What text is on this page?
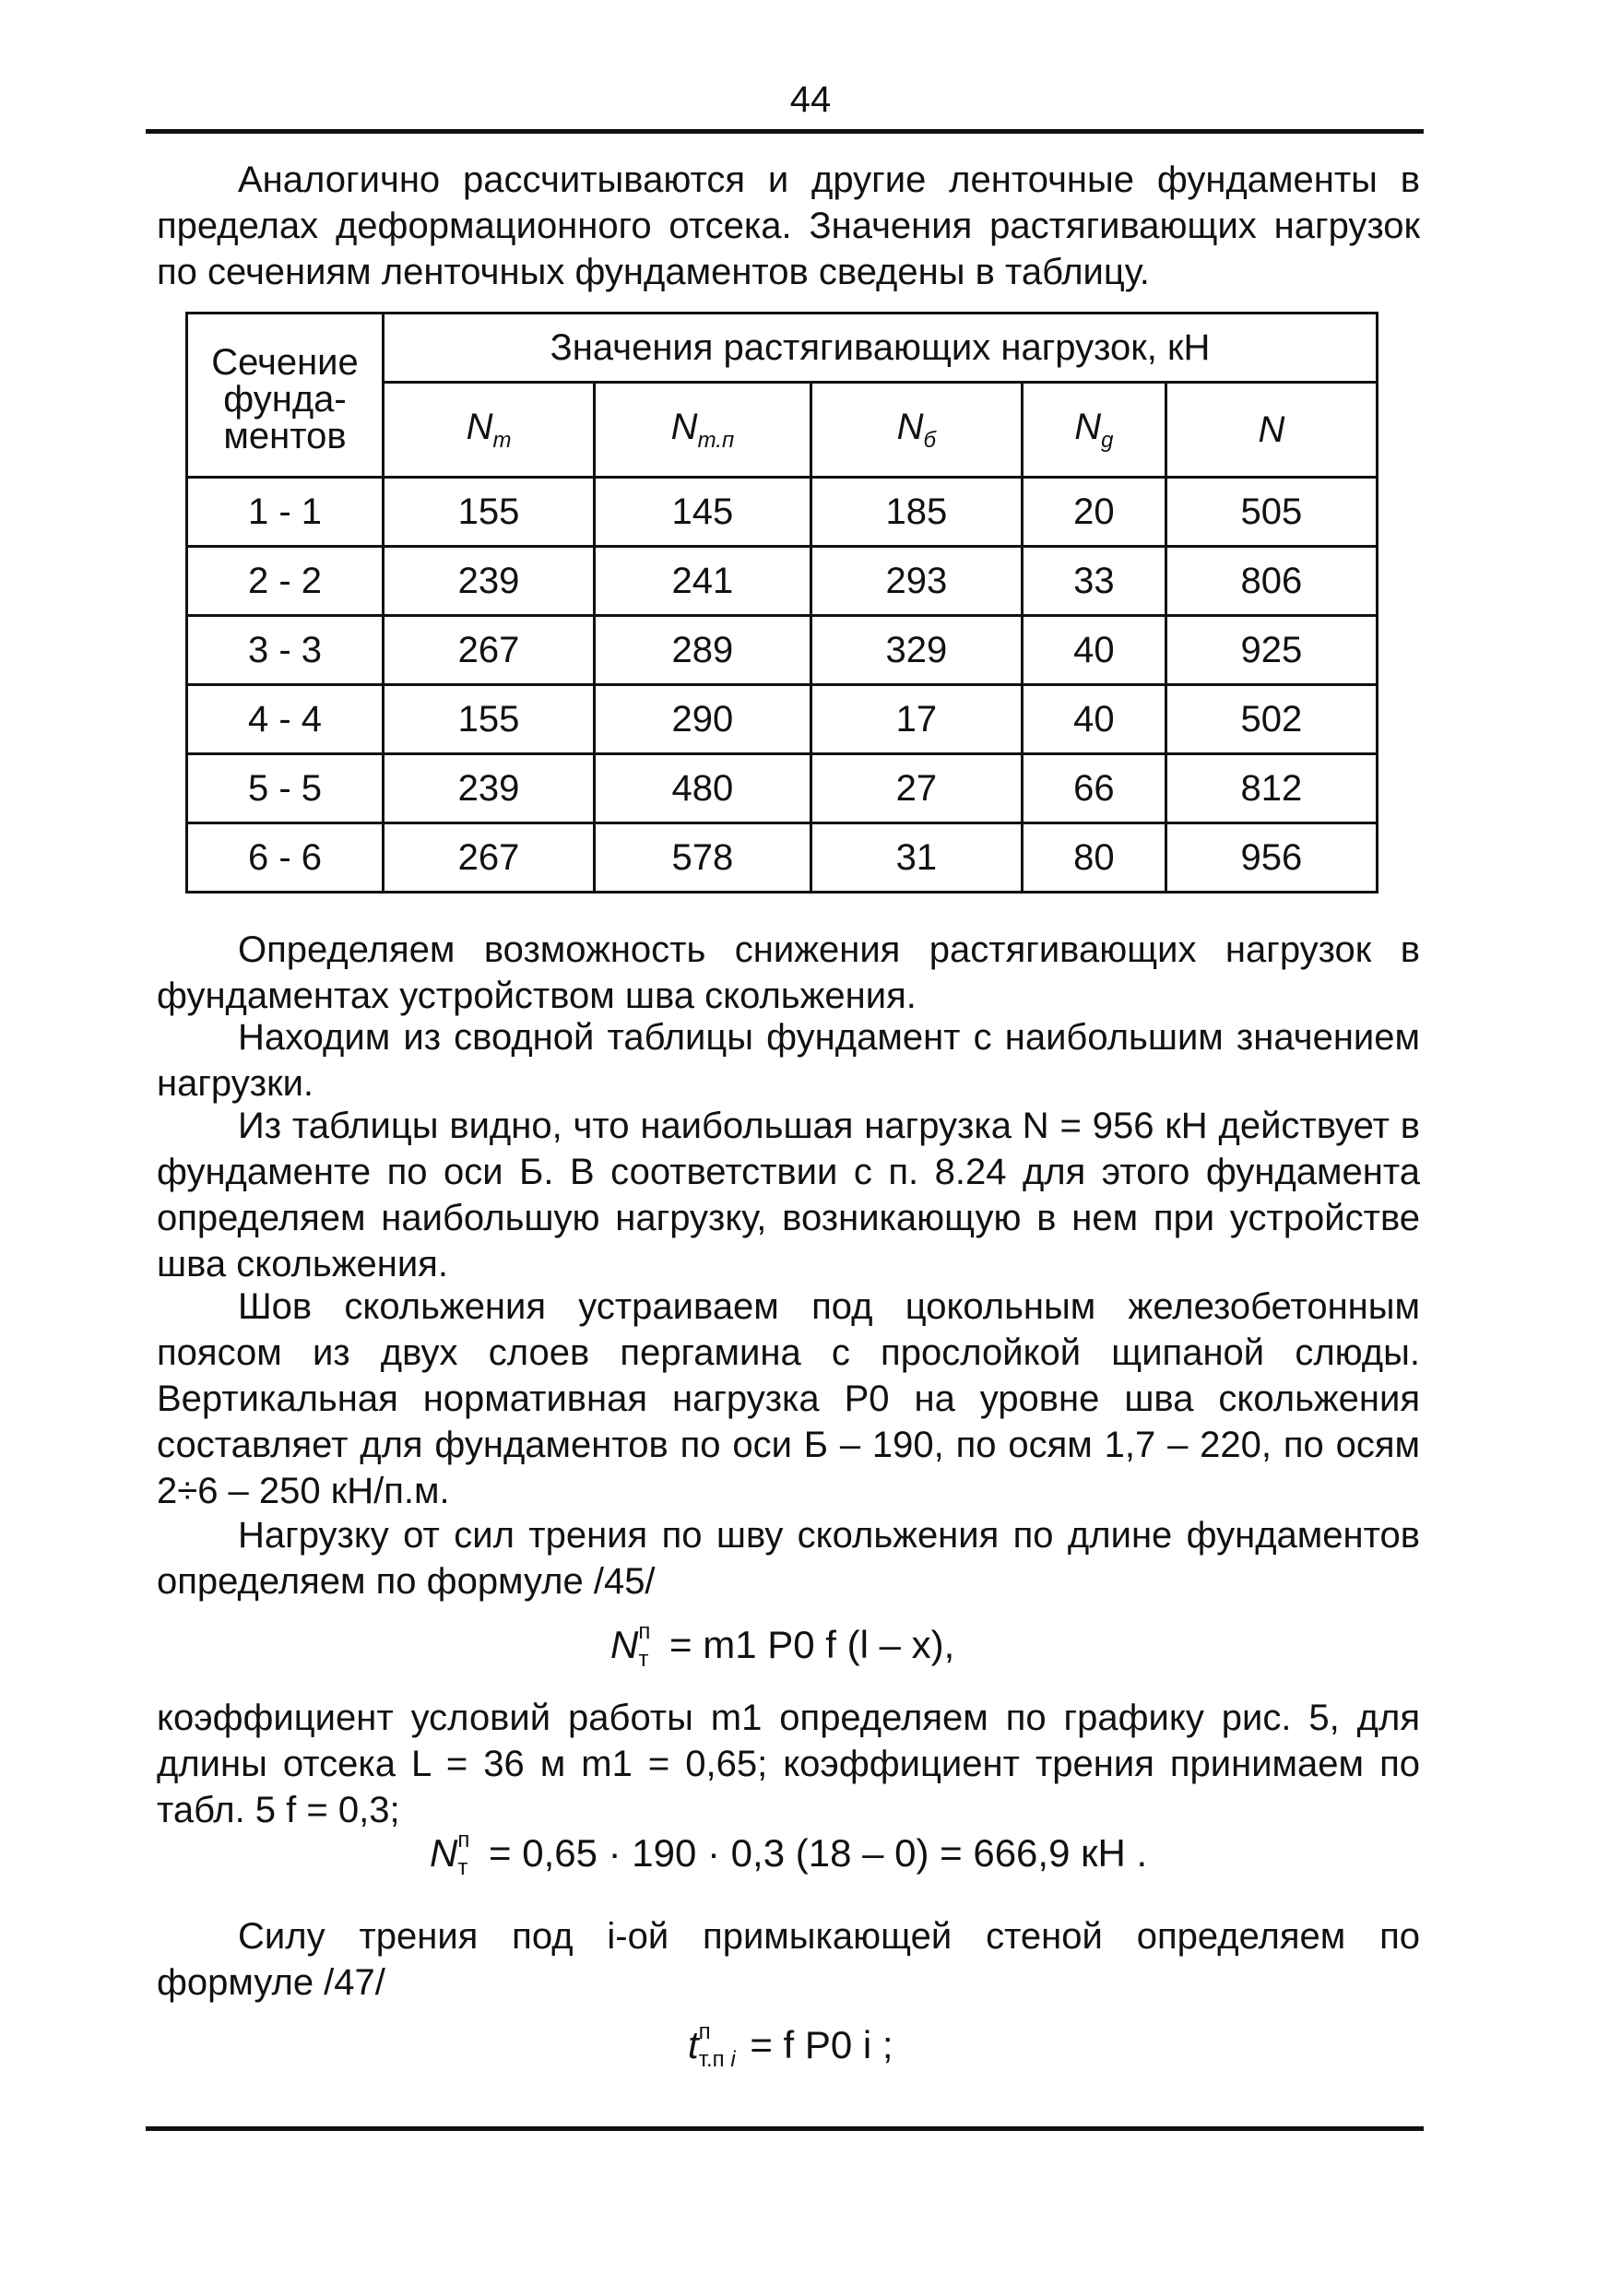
44

Аналогично рассчитываются и другие ленточные фундаменты в пределах деформационного отсека. Значения растягивающих нагрузок по сечениям ленточных фундаментов сведены в таблицу.

Сечение фунда-ментов	Значения растягивающих нагрузок, кН				
	$N_т$	$N_{т.п}$	$N_б$	$N_g$	N
1 - 1	155	145	185	20	505
2 - 2	239	241	293	33	806
3 - 3	267	289	329	40	925
4 - 4	155	290	17	40	502
5 - 5	239	480	27	66	812
6 - 6	267	578	31	80	956

Определяем возможность снижения растягивающих нагрузок в фундаментах устройством шва скольжения.

Находим из сводной таблицы фундамент с наибольшим значением нагрузки.

Из таблицы видно, что наибольшая нагрузка N = 956 кН действует в фундаменте по оси Б. В соответствии с п. 8.24 для этого фундамента определяем наибольшую нагрузку, возникающую в нем при устройстве шва скольжения.

Шов скольжения устраиваем под цокольным железобетонным поясом из двух слоев пергамина с прослойкой щипаной слюды. Вертикальная нормативная нагрузка P0 на уровне шва скольжения составляет для фундаментов по оси Б – 190, по осям 1,7 – 220, по осям 2÷6 – 250 кН/п.м.

Нагрузку от сил трения по шву скольжения по длине фундаментов определяем по формуле /45/

N п
т = m1 P0 f (l – x),

коэффициент условий работы m1 определяем по графику рис. 5, для длины отсека L = 36 м m1 = 0,65; коэффициент трения принимаем по табл. 5 f = 0,3;

N п
т = 0,65 · 190 · 0,3 (18 – 0) = 666,9 кН .

Силу трения под i-ой примыкающей стеной определяем по формуле /47/

t п
т.п i = f P0 i ;
